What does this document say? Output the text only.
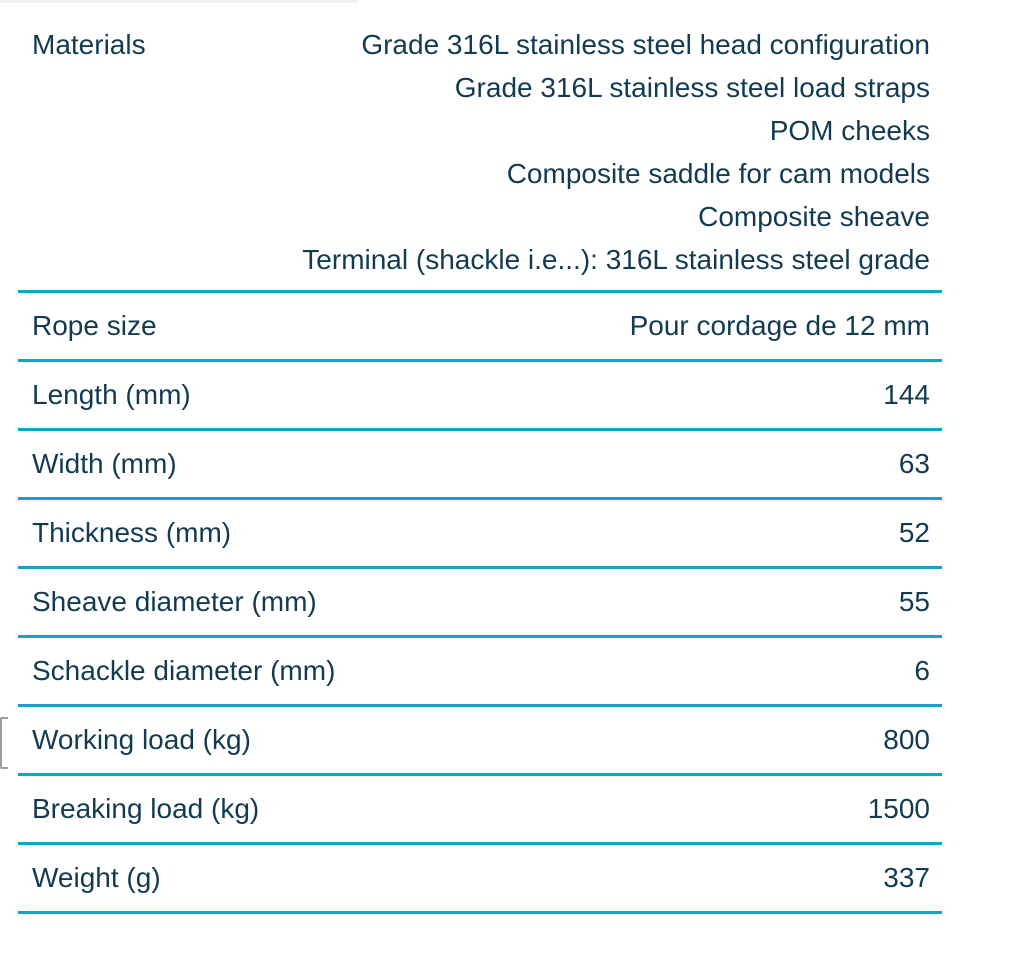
Materials	Grade 316L stainless steel head configuration
Grade 316L stainless steel load straps
POM cheeks
Composite saddle for cam models
Composite sheave
Terminal (shackle i.e...): 316L stainless steel grade
Rope size	Pour cordage de 12 mm
Length (mm)	144
Width (mm)	63
Thickness (mm)	52
Sheave diameter (mm)	55
Schackle diameter (mm)	6
Working load (kg)	800
Breaking load (kg)	1500
Weight (g)	337
